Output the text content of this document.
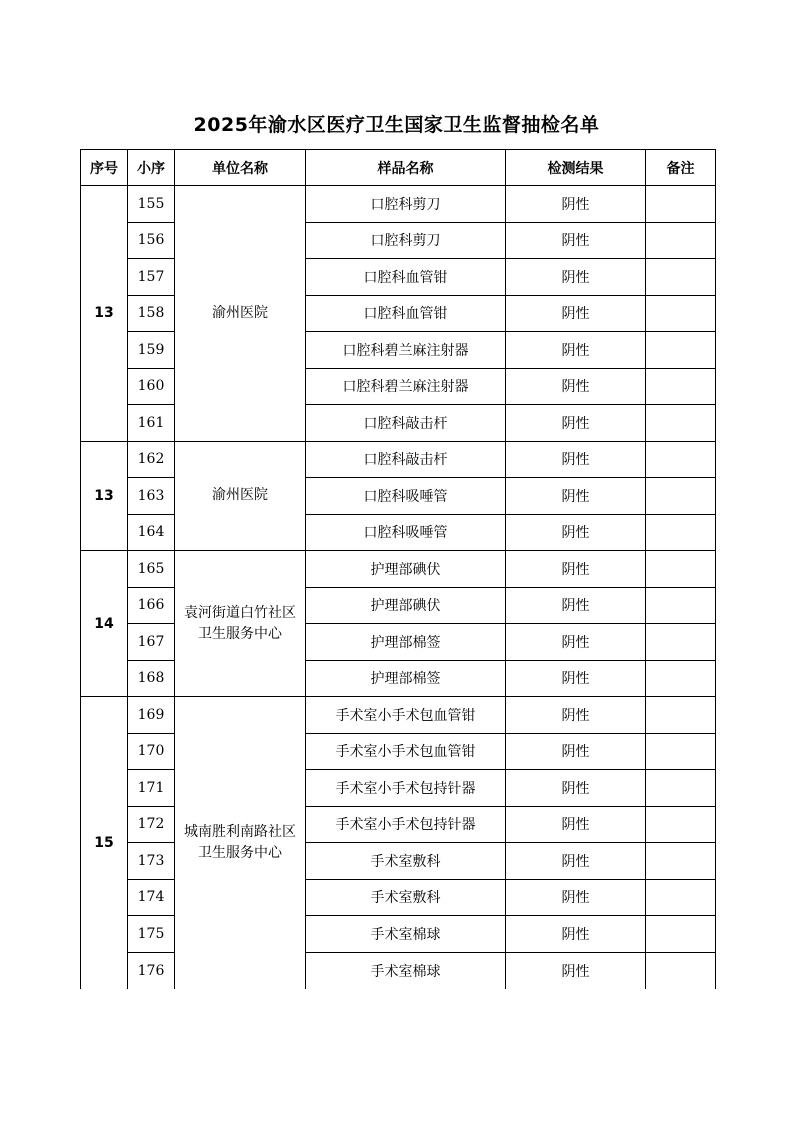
2025年渝水区医疗卫生国家卫生监督抽检名单
序号	小序	单位名称	样品名称	检测结果	备注
13	155	渝州医院	口腔科剪刀	阴性	
	156		口腔科剪刀	阴性	
	157		口腔科血管钳	阴性	
	158		口腔科血管钳	阴性	
	159		口腔科碧兰麻注射器	阴性	
	160		口腔科碧兰麻注射器	阴性	
	161		口腔科敲击杆	阴性	
13	162	渝州医院	口腔科敲击杆	阴性	
	163		口腔科吸唾管	阴性	
	164		口腔科吸唾管	阴性	
14	165	袁河街道白竹社区卫生服务中心	护理部碘伏	阴性	
	166		护理部碘伏	阴性	
	167		护理部棉签	阴性	
	168		护理部棉签	阴性	
15	169	城南胜利南路社区卫生服务中心	手术室小手术包血管钳	阴性	
	170		手术室小手术包血管钳	阴性	
	171		手术室小手术包持针器	阴性	
	172		手术室小手术包持针器	阴性	
	173		手术室敷科	阴性	
	174		手术室敷科	阴性	
	175		手术室棉球	阴性	
	176		手术室棉球	阴性	
